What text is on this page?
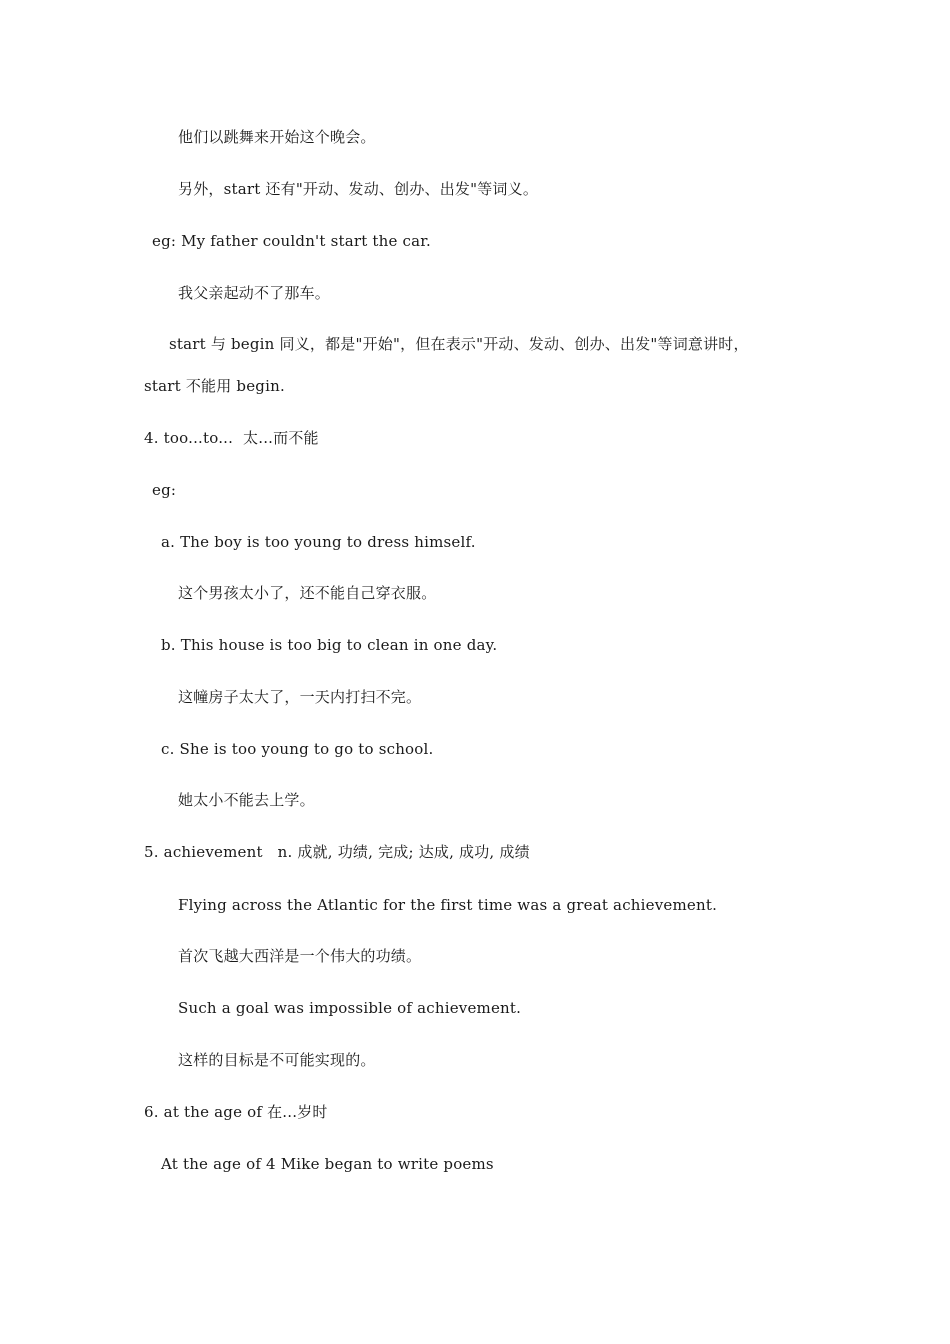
他们以跳舞来开始这个晚会。
另外，start 还有"开动、发动、创办、出发"等词义。
eg: My father couldn't start the car.
我父亲起动不了那车。
start 与 begin 同义，都是"开始"，但在表示"开动、发动、创办、出发"等词意讲时，
start 不能用 begin.
4. too...to...  太...而不能
eg:
a. The boy is too young to dress himself.
这个男孩太小了，还不能自己穿衣服。
b. This house is too big to clean in one day.
这幢房子太大了，一天内打扫不完。
c. She is too young to go to school.
她太小不能去上学。
5. achievement   n. 成就, 功绩, 完成; 达成, 成功, 成绩
Flying across the Atlantic for the first time was a great achievement.
首次飞越大西洋是一个伟大的功绩。
Such a goal was impossible of achievement.
这样的目标是不可能实现的。
6. at the age of 在...岁时
At the age of 4 Mike began to write poems
